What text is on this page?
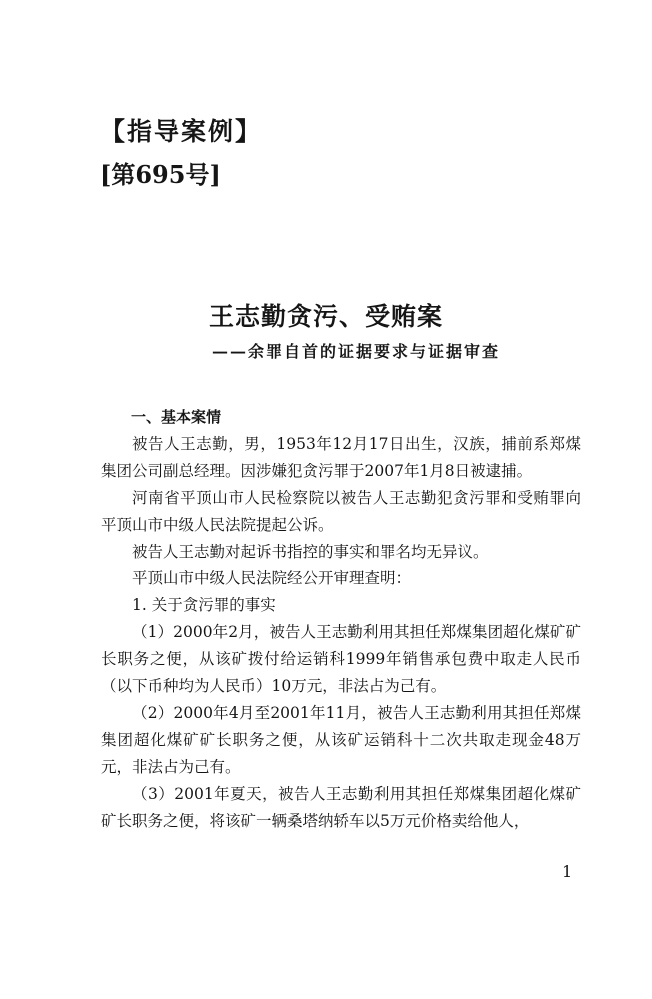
【指导案例】
[第695号]
王志勤贪污、受贿案
——余罪自首的证据要求与证据审查

一、基本案情

被告人王志勤，男，1953年12月17日出生，汉族，捕前系郑煤集团公司副总经理。因涉嫌犯贪污罪于2007年1月8日被逮捕。

河南省平顶山市人民检察院以被告人王志勤犯贪污罪和受贿罪向平顶山市中级人民法院提起公诉。

被告人王志勤对起诉书指控的事实和罪名均无异议。

平顶山市中级人民法院经公开审理查明：

1. 关于贪污罪的事实

（1）2000年2月，被告人王志勤利用其担任郑煤集团超化煤矿矿长职务之便，从该矿拨付给运销科1999年销售承包费中取走人民币（以下币种均为人民币）10万元，非法占为己有。

（2）2000年4月至2001年11月，被告人王志勤利用其担任郑煤集团超化煤矿矿长职务之便，从该矿运销科十二次共取走现金48万元，非法占为己有。

（3）2001年夏天，被告人王志勤利用其担任郑煤集团超化煤矿矿长职务之便，将该矿一辆桑塔纳轿车以5万元价格卖给他人，

1
